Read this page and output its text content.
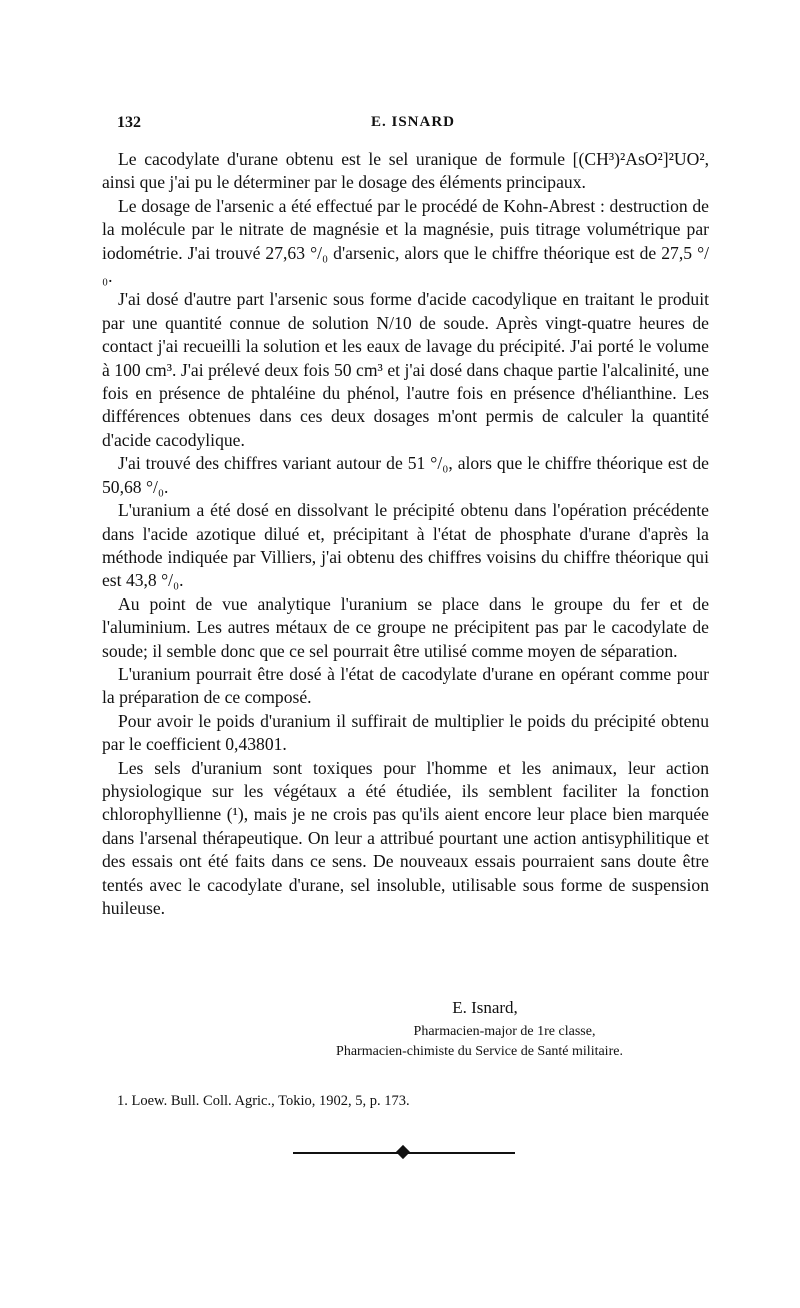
132	E. ISNARD

Le cacodylate d'urane obtenu est le sel uranique de formule [(CH³)²AsO²]²UO², ainsi que j'ai pu le déterminer par le dosage des éléments principaux.

Le dosage de l'arsenic a été effectué par le procédé de Kohn-Abrest : destruction de la molécule par le nitrate de magnésie et la magnésie, puis titrage volumétrique par iodométrie. J'ai trouvé 27,63 °/₀ d'arsenic, alors que le chiffre théorique est de 27,5 °/₀.

J'ai dosé d'autre part l'arsenic sous forme d'acide cacodylique en traitant le produit par une quantité connue de solution N/10 de soude. Après vingt-quatre heures de contact j'ai recueilli la solution et les eaux de lavage du précipité. J'ai porté le volume à 100 cm³. J'ai prélevé deux fois 50 cm³ et j'ai dosé dans chaque partie l'alcalinité, une fois en présence de phtaléine du phénol, l'autre fois en présence d'hélianthine. Les différences obtenues dans ces deux dosages m'ont permis de calculer la quantité d'acide cacodylique.

J'ai trouvé des chiffres variant autour de 51 °/₀, alors que le chiffre théorique est de 50,68 °/₀.

L'uranium a été dosé en dissolvant le précipité obtenu dans l'opération précédente dans l'acide azotique dilué et, précipitant à l'état de phosphate d'urane d'après la méthode indiquée par Villiers, j'ai obtenu des chiffres voisins du chiffre théorique qui est 43,8 °/₀.

Au point de vue analytique l'uranium se place dans le groupe du fer et de l'aluminium. Les autres métaux de ce groupe ne précipitent pas par le cacodylate de soude; il semble donc que ce sel pourrait être utilisé comme moyen de séparation.

L'uranium pourrait être dosé à l'état de cacodylate d'urane en opérant comme pour la préparation de ce composé.

Pour avoir le poids d'uranium il suffirait de multiplier le poids du précipité obtenu par le coefficient 0,43801.

Les sels d'uranium sont toxiques pour l'homme et les animaux, leur action physiologique sur les végétaux a été étudiée, ils semblent faciliter la fonction chlorophyllienne (¹), mais je ne crois pas qu'ils aient encore leur place bien marquée dans l'arsenal thérapeutique. On leur a attribué pourtant une action antisyphilitique et des essais ont été faits dans ce sens. De nouveaux essais pourraient sans doute être tentés avec le cacodylate d'urane, sel insoluble, utilisable sous forme de suspension huileuse.

E. Isnard,
Pharmacien-major de 1re classe,
Pharmacien-chimiste du Service de Santé militaire.
1. Loew. Bull. Coll. Agric., Tokio, 1902, 5, p. 173.
